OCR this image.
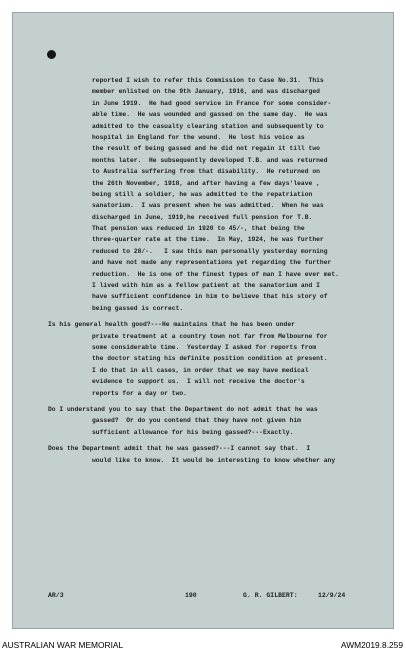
reported I wish to refer this Commission to Case No.31.  This
member enlisted on the 9th January, 1916, and was discharged
in June 1919.  He had good service in France for some consider-
able time.  He was wounded and gassed on the same day.  He was
admitted to the casualty clearing station and subsequently to
hospital in England for the wound.  He lost his voice as
the result of being gassed and he did not regain it till two
months later.  He subsequently developed T.B. and was returned
to Australia suffering from that disability.  He returned on
the 26th November, 1918, and after having a few days'leave ,
being still a soldier, he was admitted to the repatriation
sanatorium.  I was present when he was admitted.  When he was
discharged in June, 1919,he received full pension for T.B.
That pension was reduced in 1920 to 45/-, that being the
three-quarter rate at the time.  In May, 1924, he was further
reduced to 28/-.   I saw this man personally yesterday morning
and have not made any representations yet regarding the further
reduction.  He is one of the finest types of man I have ever met.
I lived with him as a fellow patient at the sanatorium and I
have sufficient confidence in him to believe that his story of
being gassed is correct.
Is his general health good?---He maintains that he has been under
private treatment at a country town not far from Melbourne for
some considerable time.  Yesterday I asked for reports from
the doctor stating his definite position condition at present.
I do that in all cases, in order that we may have medical
evidence to support us.  I will not receive the doctor's
reports for a day or two.
Do I understand you to say that the Department do not admit that he was
gassed?  Or do you contend that they have not given him
sufficient allowance for his being gassed?---Exactly.
Does the Department admit that he was gassed?---I cannot say that.  I
would like to know.  It would be interesting to know whether any
AR/3	190	G. R. GILBERT:	12/9/24
AUSTRALIAN WAR MEMORIAL	AWM2019.8.259
